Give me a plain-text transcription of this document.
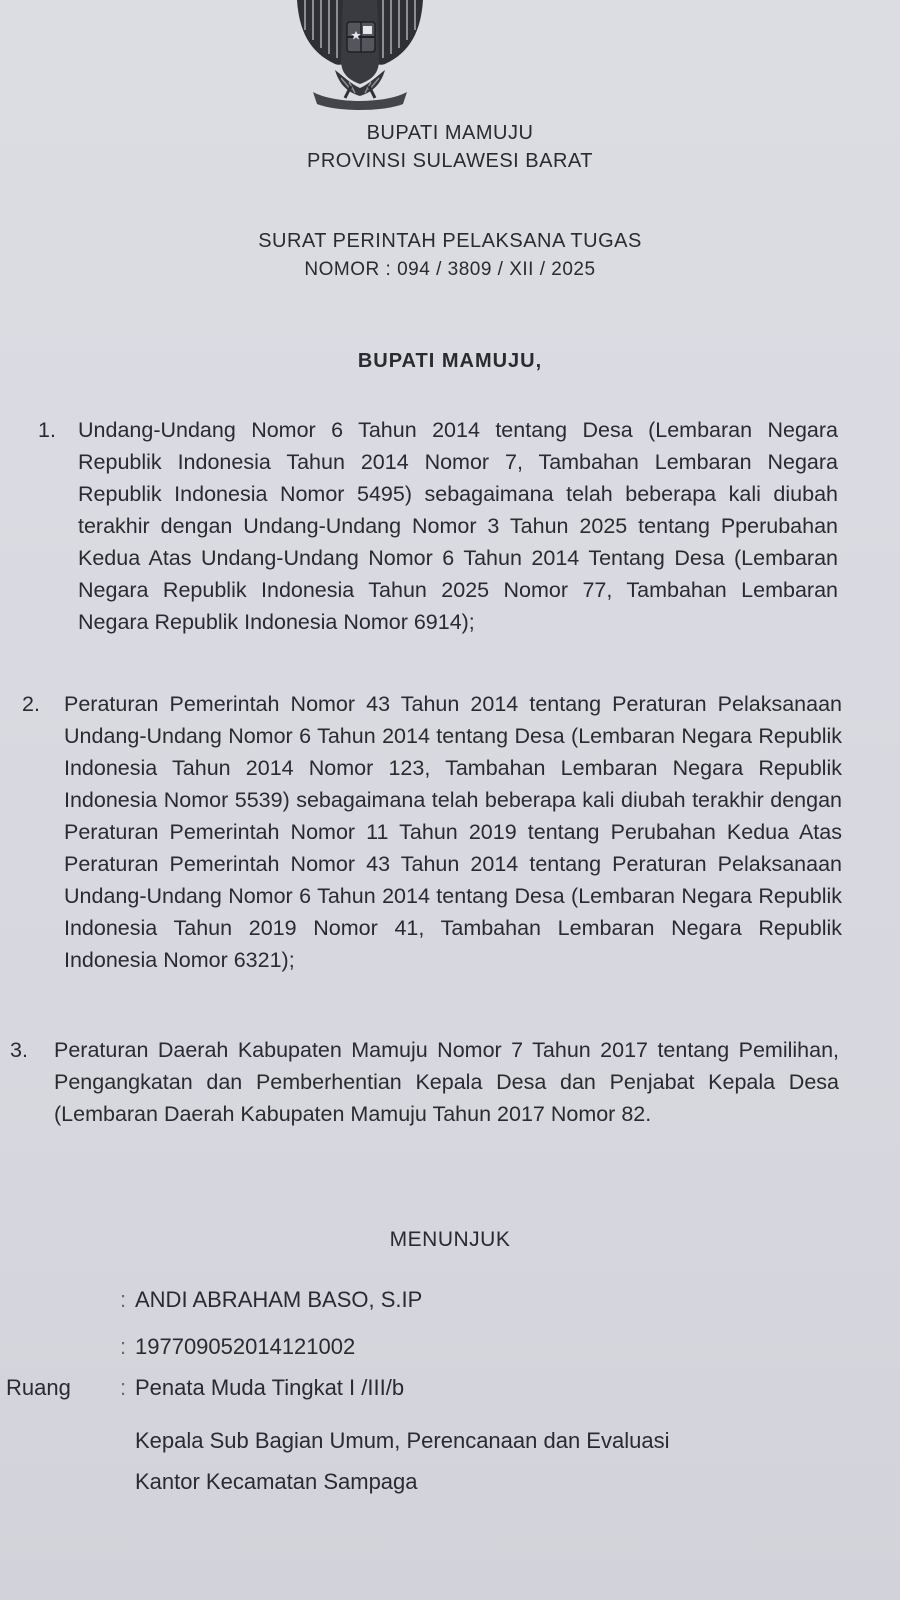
BUPATI MAMUJU
PROVINSI SULAWESI BARAT
SURAT PERINTAH PELAKSANA TUGAS
NOMOR : 094 / 3809 / XII / 2025
BUPATI MAMUJU,
1. Undang-Undang Nomor 6 Tahun 2014 tentang Desa (Lembaran Negara Republik Indonesia Tahun 2014 Nomor 7, Tambahan Lembaran Negara Republik Indonesia Nomor 5495) sebagaimana telah beberapa kali diubah terakhir dengan Undang-Undang Nomor 3 Tahun 2025 tentang Pperubahan Kedua Atas Undang-Undang Nomor 6 Tahun 2014 Tentang Desa (Lembaran Negara Republik Indonesia Tahun 2025 Nomor 77, Tambahan Lembaran Negara Republik Indonesia Nomor 6914);
2. Peraturan Pemerintah Nomor 43 Tahun 2014 tentang Peraturan Pelaksanaan Undang-Undang Nomor 6 Tahun 2014 tentang Desa (Lembaran Negara Republik Indonesia Tahun 2014 Nomor 123, Tambahan Lembaran Negara Republik Indonesia Nomor 5539) sebagaimana telah beberapa kali diubah terakhir dengan Peraturan Pemerintah Nomor 11 Tahun 2019 tentang Perubahan Kedua Atas Peraturan Pemerintah Nomor 43 Tahun 2014 tentang Peraturan Pelaksanaan Undang-Undang Nomor 6 Tahun 2014 tentang Desa (Lembaran Negara Republik Indonesia Tahun 2019 Nomor 41, Tambahan Lembaran Negara Republik Indonesia Nomor 6321);
3. Peraturan Daerah Kabupaten Mamuju Nomor 7 Tahun 2017 tentang Pemilihan, Pengangkatan dan Pemberhentian Kepala Desa dan Penjabat Kepala Desa (Lembaran Daerah Kabupaten Mamuju Tahun 2017 Nomor 82.
MENUNJUK
: ANDI ABRAHAM BASO, S.IP
: 197709052014121002
Ruang : Penata Muda Tingkat I /III/b
Kepala Sub Bagian Umum, Perencanaan dan Evaluasi
Kantor Kecamatan Sampaga
